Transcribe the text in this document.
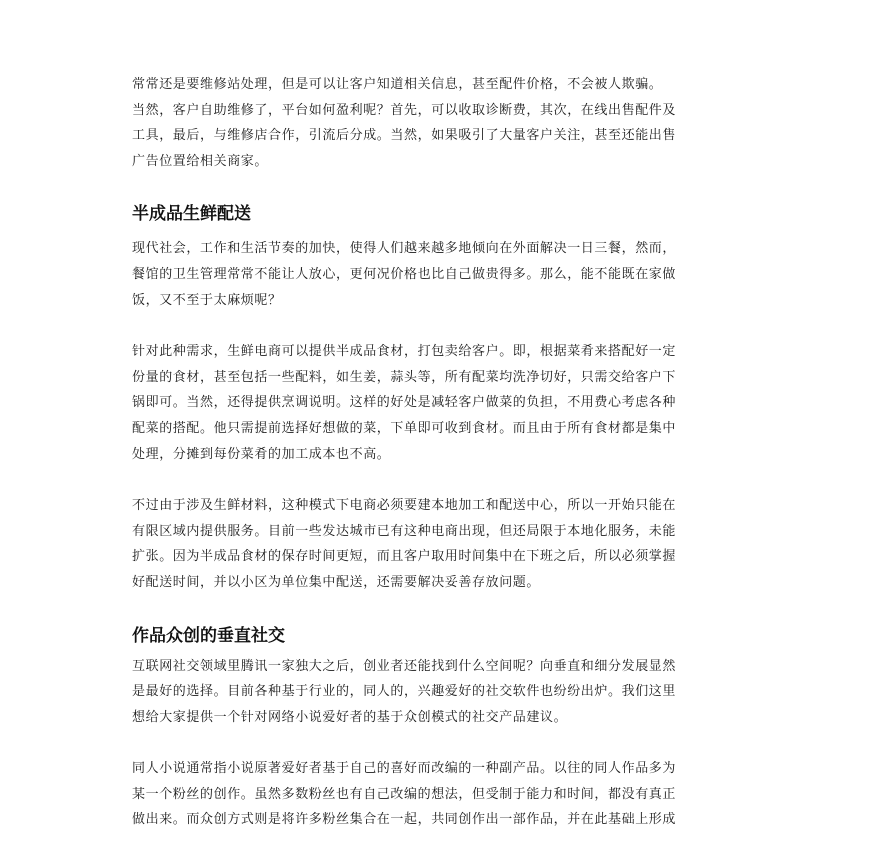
常常还是要维修站处理，但是可以让客户知道相关信息，甚至配件价格，不会被人欺骗。
当然，客户自助维修了，平台如何盈利呢？首先，可以收取诊断费，其次，在线出售配件及
工具，最后，与维修店合作，引流后分成。当然，如果吸引了大量客户关注，甚至还能出售
广告位置给相关商家。
半成品生鲜配送
现代社会，工作和生活节奏的加快，使得人们越来越多地倾向在外面解决一日三餐，然而，
餐馆的卫生管理常常不能让人放心，更何况价格也比自己做贵得多。那么，能不能既在家做
饭，又不至于太麻烦呢？
针对此种需求，生鲜电商可以提供半成品食材，打包卖给客户。即，根据菜肴来搭配好一定
份量的食材，甚至包括一些配料，如生姜，蒜头等，所有配菜均洗净切好，只需交给客户下
锅即可。当然，还得提供烹调说明。这样的好处是减轻客户做菜的负担，不用费心考虑各种
配菜的搭配。他只需提前选择好想做的菜，下单即可收到食材。而且由于所有食材都是集中
处理，分摊到每份菜肴的加工成本也不高。
不过由于涉及生鲜材料，这种模式下电商必须要建本地加工和配送中心，所以一开始只能在
有限区域内提供服务。目前一些发达城市已有这种电商出现，但还局限于本地化服务，未能
扩张。因为半成品食材的保存时间更短，而且客户取用时间集中在下班之后，所以必须掌握
好配送时间，并以小区为单位集中配送，还需要解决妥善存放问题。
作品众创的垂直社交
互联网社交领域里腾讯一家独大之后，创业者还能找到什么空间呢？向垂直和细分发展显然
是最好的选择。目前各种基于行业的，同人的，兴趣爱好的社交软件也纷纷出炉。我们这里
想给大家提供一个针对网络小说爱好者的基于众创模式的社交产品建议。
同人小说通常指小说原著爱好者基于自己的喜好而改编的一种副产品。以往的同人作品多为
某一个粉丝的创作。虽然多数粉丝也有自己改编的想法，但受制于能力和时间，都没有真正
做出来。而众创方式则是将许多粉丝集合在一起，共同创作出一部作品，并在此基础上形成
